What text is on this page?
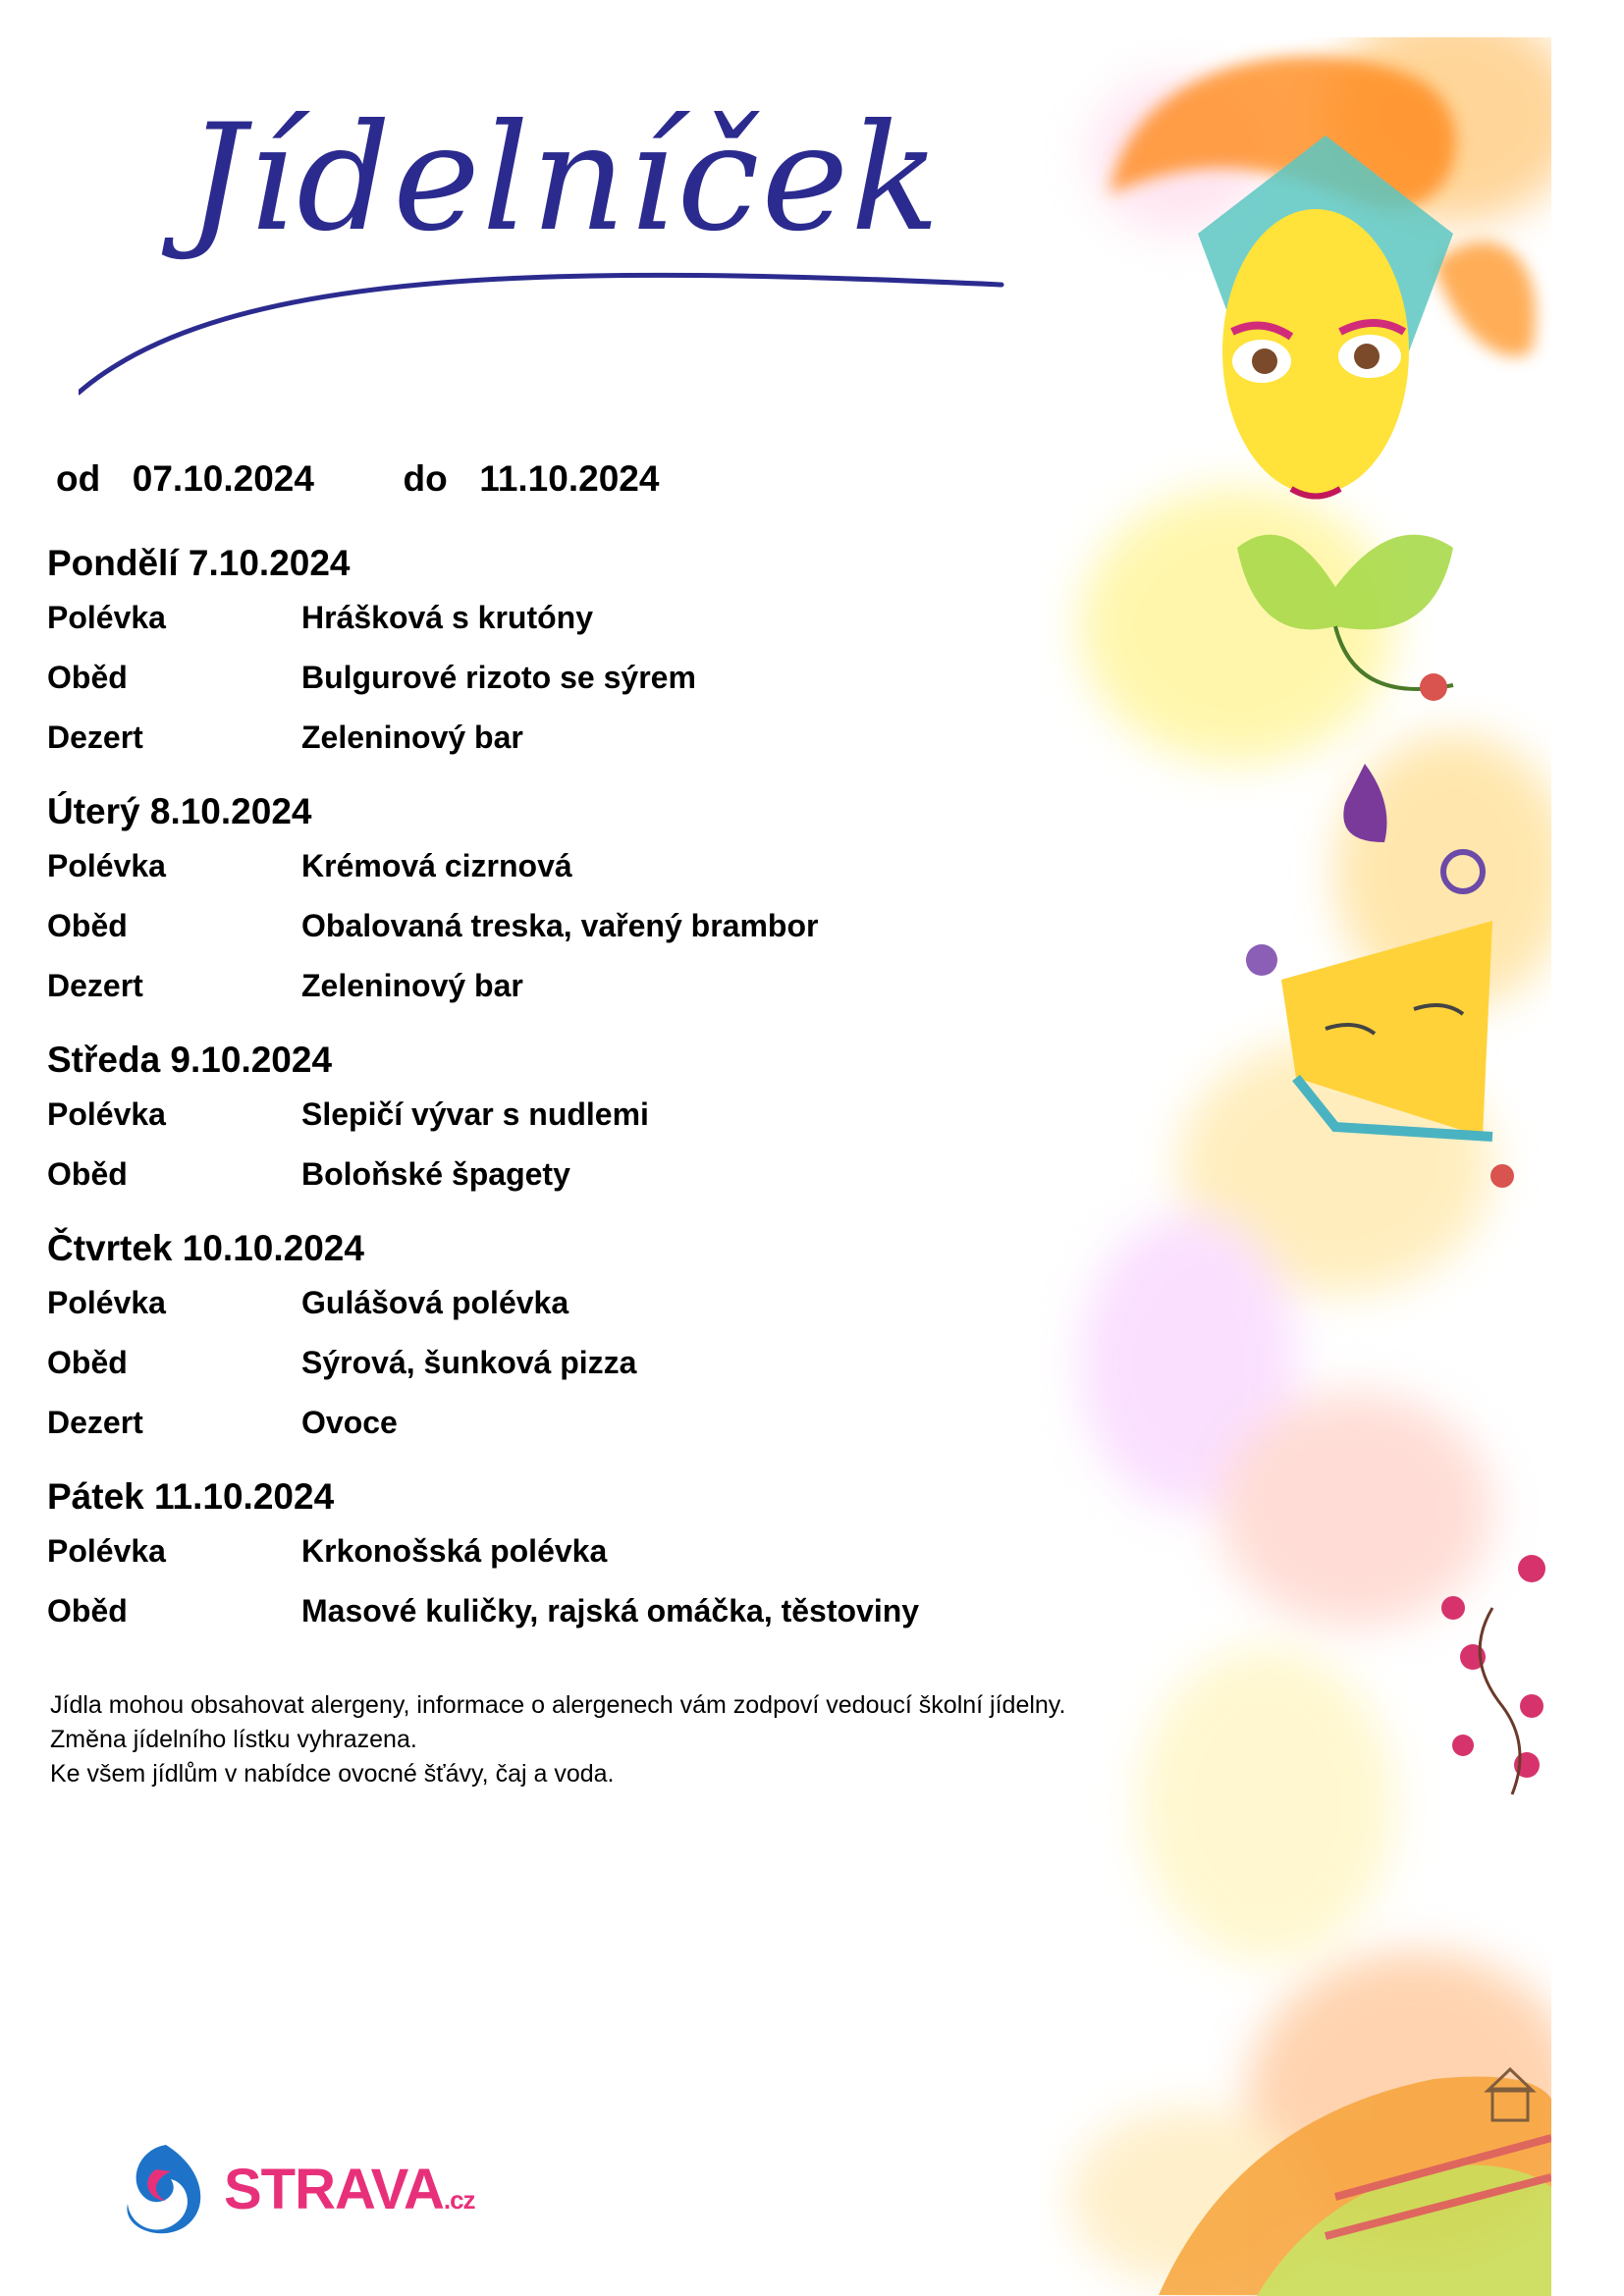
Jídelníček
od 07.10.2024 do 11.10.2024
Pondělí 7.10.2024
Polévka	Hrášková s krutóny
Oběd	Bulgurové rizoto se sýrem
Dezert	Zeleninový bar
Úterý 8.10.2024
Polévka	Krémová cizrnová
Oběd	Obalovaná treska, vařený brambor
Dezert	Zeleninový bar
Středa 9.10.2024
Polévka	Slepičí vývar s nudlemi
Oběd	Boloňské špagety
Čtvrtek 10.10.2024
Polévka	Gulášová polévka
Oběd	Sýrová, šunková pizza
Dezert	Ovoce
Pátek 11.10.2024
Polévka	Krkonošská polévka
Oběd	Masové kuličky, rajská omáčka, těstoviny
Jídla mohou obsahovat alergeny, informace o alergenech vám zodpoví vedoucí školní jídelny.
Změna jídelního lístku vyhrazena.
Ke všem jídlům v nabídce ovocné šťávy, čaj a voda.
STRAVA.cz
